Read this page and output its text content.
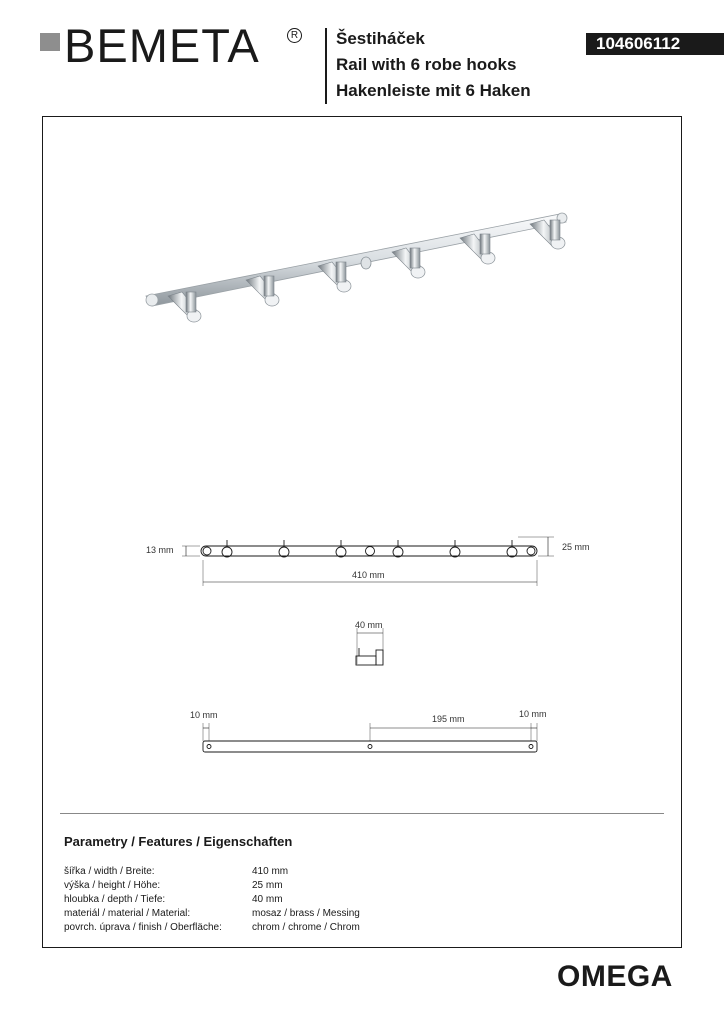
BEMETA	R Šestiháček
Rail with 6 robe hooks
Hakenleiste mit 6 Haken
104606112
13 mm	25 mm
410 mm
40 mm
10 mm	195 mm	10 mm
Parametry / Features / Eigenschaften
šířka / width / Breite:	410 mm
výška / height / Höhe:	25 mm
hloubka / depth / Tiefe:	40 mm
materiál / material / Material:	mosaz / brass / Messing
povrch. úprava / finish / Oberfläche:	chrom / chrome / Chrom
OMEGA
